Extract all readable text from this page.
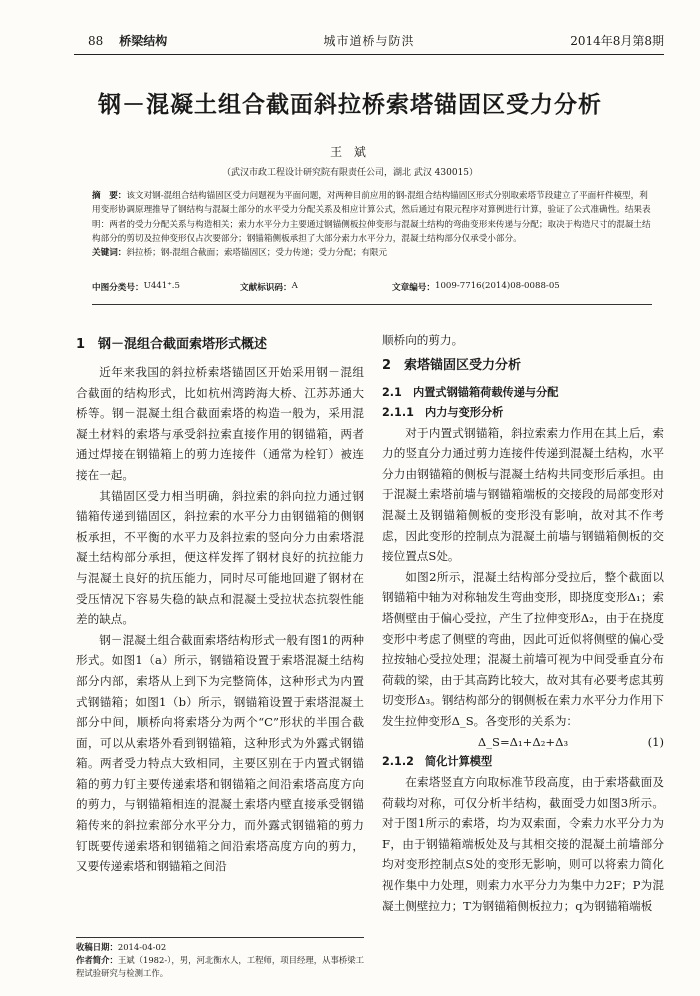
88 桥梁结构	城市道桥与防洪	2014年8月第8期
钢－混凝土组合截面斜拉桥索塔锚固区受力分析
王 斌
（武汉市政工程设计研究院有限责任公司，湖北 武汉 430015）
摘　要：该文对钢-混组合结构锚固区受力问题视为平面问题，对两种目前应用的钢-混组合结构锚固区形式分别取索塔节段建立了平面杆件模型，利用变形协调原理推导了钢结构与混凝土部分的水平受力分配关系及相应计算公式，然后通过有限元程序对算例进行计算，验证了公式准确性。结果表明：两者的受力分配关系与构造相关；索力水平分力主要通过钢锚侧板拉伸变形与混凝土结构的弯曲变形来传递与分配；取决于构造尺寸的混凝土结构部分的剪切及拉伸变形仅占次要部分；钢锚箱侧板承担了大部分索力水平分力，混凝土结构部分仅承受小部分。
关键词：斜拉桥；钢-混组合截面；索塔锚固区；受力传递；受力分配；有限元
中图分类号： U441⁺.5	文献标识码： A	文章编号： 1009-7716(2014)08-0088-05
1　钢－混组合截面索塔形式概述

近年来我国的斜拉桥索塔锚固区开始采用钢－混组合截面的结构形式，比如杭州湾跨海大桥、江苏苏通大桥等。钢－混凝土组合截面索塔的构造一般为，采用混凝土材料的索塔与承受斜拉索直接作用的钢锚箱，两者通过焊接在钢锚箱上的剪力连接件（通常为栓钉）被连接在一起。

其锚固区受力相当明确，斜拉索的斜向拉力通过钢锚箱传递到锚固区，斜拉索的水平分力由钢锚箱的侧钢板承担，不平衡的水平力及斜拉索的竖向分力由索塔混凝土结构部分承担，便这样发挥了钢材良好的抗拉能力与混凝土良好的抗压能力，同时尽可能地回避了钢材在受压情况下容易失稳的缺点和混凝土受拉状态抗裂性能差的缺点。

钢－混凝土组合截面索塔结构形式一般有图1的两种形式。如图1（a）所示，钢锚箱设置于索塔混凝土结构部分内部，索塔从上到下为完整筒体，这种形式为内置式钢锚箱；如图1（b）所示，钢锚箱设置于索塔混凝土部分中间，顺桥向将索塔分为两个“C”形状的半围合截面，可以从索塔外看到钢锚箱，这种形式为外露式钢锚箱。两者受力特点大致相同，主要区别在于内置式钢锚箱的剪力钉主要传递索塔和钢锚箱之间沿索塔高度方向的剪力，与钢锚箱相连的混凝土索塔内壁直接承受钢锚箱传来的斜拉索部分水平分力，而外露式钢锚箱的剪力钉既要传递索塔和钢锚箱之间沿索塔高度方向的剪力，又要传递索塔和钢锚箱之间沿

顺桥向的剪力。

2　索塔锚固区受力分析
2.1　内置式钢锚箱荷载传递与分配
2.1.1　内力与变形分析

对于内置式钢锚箱，斜拉索索力作用在其上后，索力的竖直分力通过剪力连接件传递到混凝土结构，水平分力由钢锚箱的侧板与混凝土结构共同变形后承担。由于混凝土索塔前墙与钢锚箱端板的交接段的局部变形对混凝土及钢锚箱侧板的变形没有影响，故对其不作考虑，因此变形的控制点为混凝土前墙与钢锚箱侧板的交接位置点S处。

如图2所示，混凝土结构部分受拉后，整个截面以钢锚箱中轴为对称轴发生弯曲变形，即挠度变形Δ₁；索塔侧壁由于偏心受拉，产生了拉伸变形Δ₂，由于在挠度变形中考虑了侧壁的弯曲，因此可近似将侧壁的偏心受拉按轴心受拉处理；混凝土前墙可视为中间受垂直分布荷载的梁，由于其高跨比较大，故对其有必要考虑其剪切变形Δ₃。钢结构部分的钢侧板在索力水平分力作用下发生拉伸变形Δ_S。各变形的关系为：

Δ_S=Δ₁+Δ₂+Δ₃	(1)
2.1.2　简化计算模型

在索塔竖直方向取标准节段高度，由于索塔截面及荷载均对称，可仅分析半结构，截面受力如图3所示。对于图1所示的索塔，均为双索面，令索力水平分力为F，由于钢锚箱端板处及与其相交接的混凝土前墙部分均对变形控制点S处的变形无影响，则可以将索力简化视作集中力处理，则索力水平分力为集中力2F；P为混凝土侧壁拉力；T为钢锚箱侧板拉力；q为钢锚箱端板

收稿日期：2014-04-02
作者简介：王斌（1982-），男，河北衡水人，工程师，项目经理，从事桥梁工程试验研究与检测工作。
